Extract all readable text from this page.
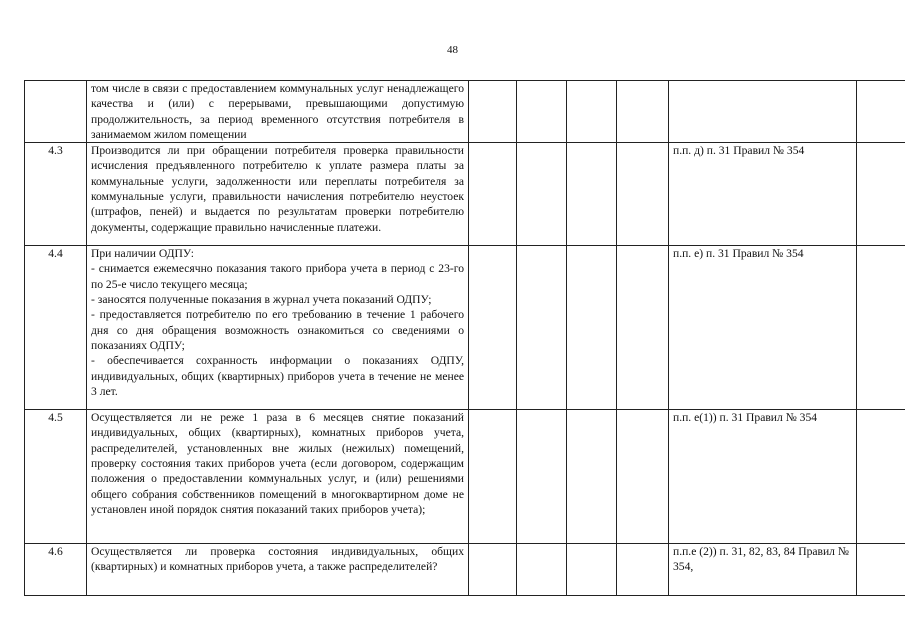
48

	том числе в связи с предоставлением коммунальных услуг ненадлежащего качества и (или) с перерывами, превышающими допустимую продолжительность, за период временного отсутствия потребителя в занимаемом жилом помещении						

4.3	Производится ли при обращении потребителя проверка правильности исчисления предъявленного потребителю к уплате размера платы за коммунальные услуги, задолженности или переплаты потребителя за коммунальные услуги, правильности начисления потребителю неустоек (штрафов, пеней) и выдается по результатам проверки потребителю документы, содержащие правильно начисленные платежи.					п.п. д) п. 31 Правил № 354	
4.4	При наличии ОДПУ:
- снимается ежемесячно показания такого прибора учета в период с 23-го по 25-е число текущего месяца;
- заносятся полученные показания в журнал учета показаний ОДПУ;
- предоставляется потребителю по его требованию в течение 1 рабочего дня со дня обращения возможность ознакомиться со сведениями о показаниях ОДПУ;
- обеспечивается сохранность информации о показаниях ОДПУ, индивидуальных, общих (квартирных) приборов учета в течение не менее 3 лет.					п.п. е) п. 31 Правил № 354	
4.5	Осуществляется ли не реже 1 раза в 6 месяцев снятие показаний индивидуальных, общих (квартирных), комнатных приборов учета, распределителей, установленных вне жилых (нежилых) помещений, проверку состояния таких приборов учета (если договором, содержащим положения о предоставлении коммунальных услуг, и (или) решениями общего собрания собственников помещений в многоквартирном доме не установлен иной порядок снятия показаний таких приборов учета);					п.п. е(1)) п. 31 Правил № 354	
4.6	Осуществляется ли проверка состояния индивидуальных, общих (квартирных) и комнатных приборов учета, а также распределителей?					п.п.е (2)) п. 31, 82, 83, 84 Правил № 354,	
